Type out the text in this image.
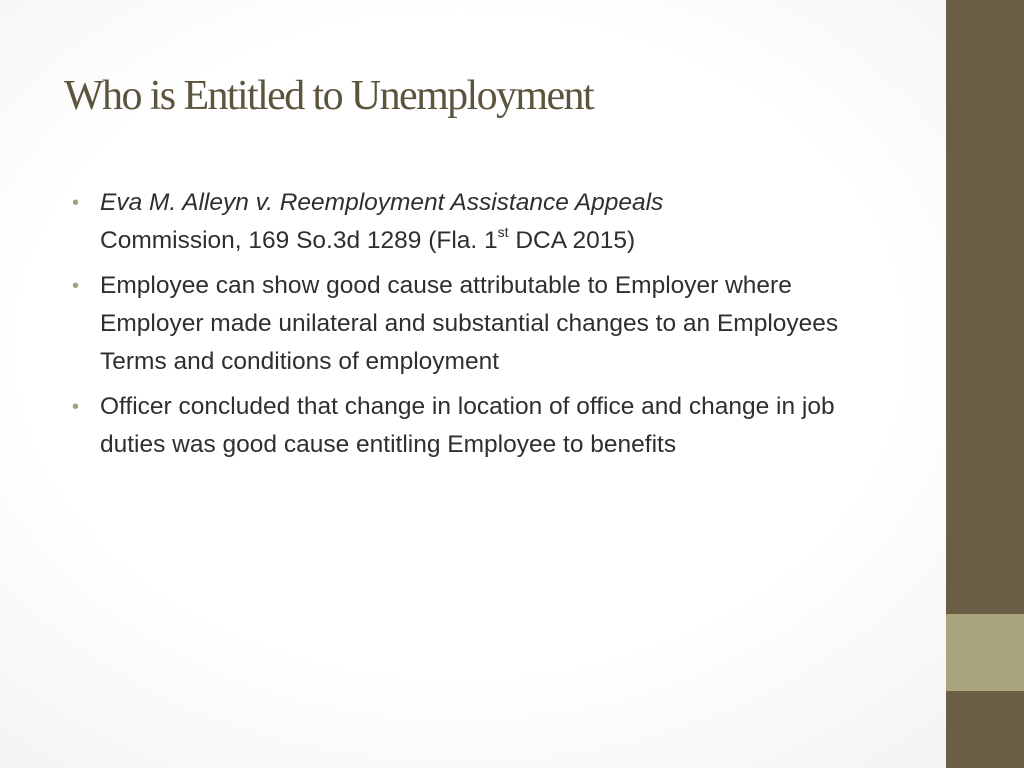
Who is Entitled to Unemployment
• Eva M. Alleyn v. Reemployment Assistance Appeals
Commission, 169 So.3d 1289 (Fla. 1st DCA 2015)
• Employee can show good cause attributable to Employer where Employer made unilateral and substantial changes to an Employees Terms and conditions of employment
• Officer concluded that change in location of office and change in job duties was good cause entitling Employee to benefits
